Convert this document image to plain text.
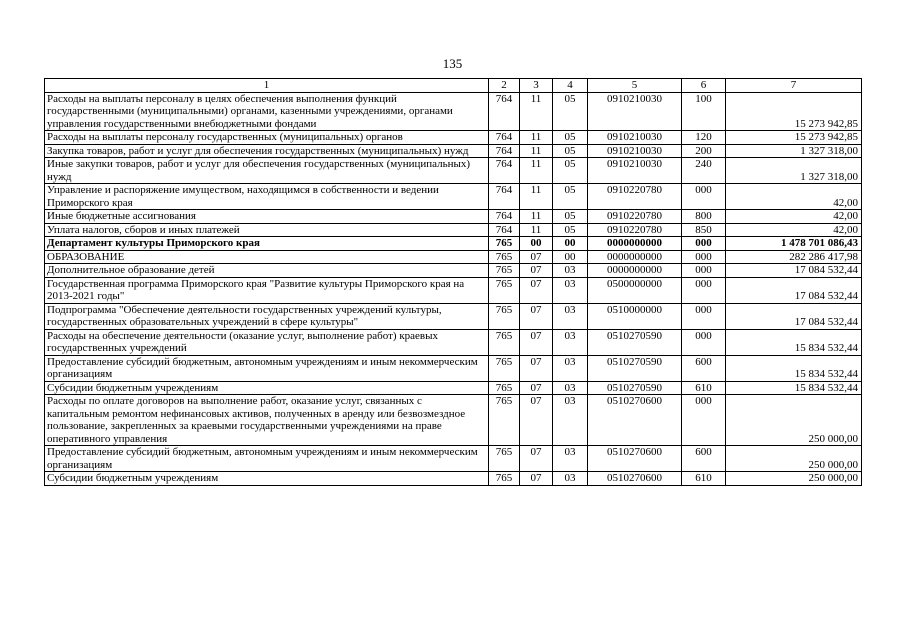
135
1	2	3	4	5	6	7
Расходы на выплаты персоналу в целях обеспечения выполнения функций государственными (муниципальными) органами, казенными учреждениями, органами управления государственными внебюджетными фондами	764	11	05	0910210030	100	15 273 942,85
Расходы на выплаты персоналу государственных (муниципальных) органов	764	11	05	0910210030	120	15 273 942,85
Закупка товаров, работ и услуг для обеспечения государственных (муниципальных) нужд	764	11	05	0910210030	200	1 327 318,00
Иные закупки товаров, работ и услуг для обеспечения государственных (муниципальных) нужд	764	11	05	0910210030	240	1 327 318,00
Управление и распоряжение имуществом, находящимся в собственности и ведении Приморского края	764	11	05	0910220780	000	42,00
Иные бюджетные ассигнования	764	11	05	0910220780	800	42,00
Уплата налогов, сборов и иных платежей	764	11	05	0910220780	850	42,00
Департамент культуры Приморского края	765	00	00	0000000000	000	1 478 701 086,43
ОБРАЗОВАНИЕ	765	07	00	0000000000	000	282 286 417,98
Дополнительное образование детей	765	07	03	0000000000	000	17 084 532,44
Государственная программа Приморского края "Развитие культуры Приморского края на 2013-2021 годы"	765	07	03	0500000000	000	17 084 532,44
Подпрограмма "Обеспечение деятельности государственных учреждений культуры, государственных образовательных учреждений в сфере культуры"	765	07	03	0510000000	000	17 084 532,44
Расходы на обеспечение деятельности (оказание услуг, выполнение работ) краевых государственных учреждений	765	07	03	0510270590	000	15 834 532,44
Предоставление субсидий бюджетным, автономным учреждениям и иным некоммерческим организациям	765	07	03	0510270590	600	15 834 532,44
Субсидии бюджетным учреждениям	765	07	03	0510270590	610	15 834 532,44
Расходы по оплате договоров на выполнение работ, оказание услуг, связанных с капитальным ремонтом нефинансовых активов, полученных в аренду или безвозмездное пользование, закрепленных за краевыми государственными учреждениями на праве оперативного управления	765	07	03	0510270600	000	250 000,00
Предоставление субсидий бюджетным, автономным учреждениям и иным некоммерческим организациям	765	07	03	0510270600	600	250 000,00
Субсидии бюджетным учреждениям	765	07	03	0510270600	610	250 000,00
